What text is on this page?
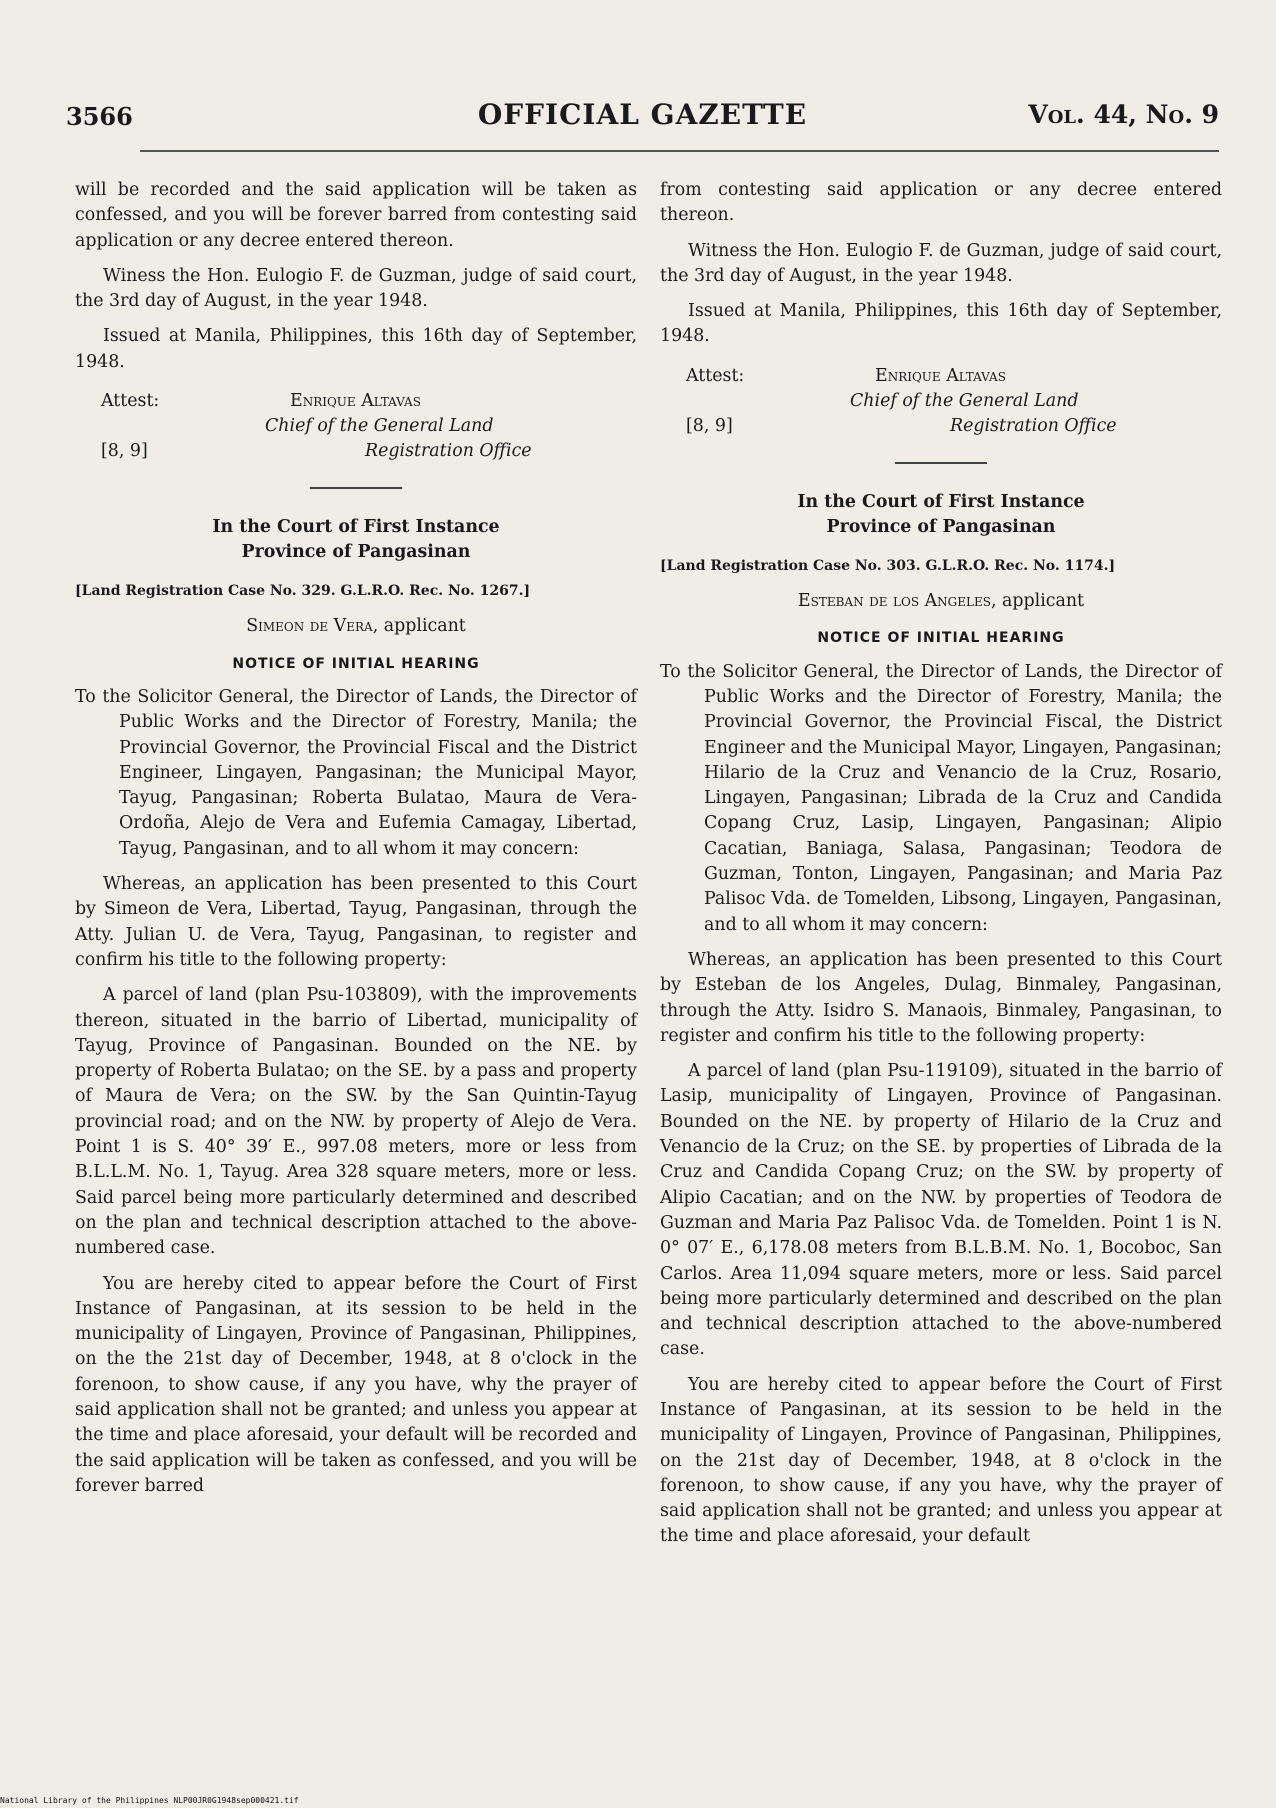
3566	OFFICIAL GAZETTE	Vol. 44, No. 9

will be recorded and the said application will be taken as confessed, and you will be forever barred from contesting said application or any decree entered thereon.

Winess the Hon. Eulogio F. de Guzman, judge of said court, the 3rd day of August, in the year 1948.

Issued at Manila, Philippines, this 16th day of September, 1948.

Attest:	Enrique Altavas
Chief of the General Land
[8, 9]	Registration Office

In the Court of First Instance

Province of Pangasinan

[Land Registration Case No. 329. G.L.R.O. Rec. No. 1267.]

Simeon de Vera, applicant

NOTICE OF INITIAL HEARING

To the Solicitor General, the Director of Lands, the Director of Public Works and the Director of Forestry, Manila; the Provincial Governor, the Provincial Fiscal and the District Engineer, Lingayen, Pangasinan; the Municipal Mayor, Tayug, Pangasinan; Roberta Bulatao, Maura de Vera-Ordoña, Alejo de Vera and Eufemia Camagay, Libertad, Tayug, Pangasinan, and to all whom it may concern:

Whereas, an application has been presented to this Court by Simeon de Vera, Libertad, Tayug, Pangasinan, through the Atty. Julian U. de Vera, Tayug, Pangasinan, to register and confirm his title to the following property:

A parcel of land (plan Psu-103809), with the improvements thereon, situated in the barrio of Libertad, municipality of Tayug, Province of Pangasinan. Bounded on the NE. by property of Roberta Bulatao; on the SE. by a pass and property of Maura de Vera; on the SW. by the San Quintin-Tayug provincial road; and on the NW. by property of Alejo de Vera. Point 1 is S. 40° 39′ E., 997.08 meters, more or less from B.L.L.M. No. 1, Tayug. Area 328 square meters, more or less. Said parcel being more particularly determined and described on the plan and technical description attached to the above-numbered case.

You are hereby cited to appear before the Court of First Instance of Pangasinan, at its session to be held in the municipality of Lingayen, Province of Pangasinan, Philippines, on the the 21st day of December, 1948, at 8 o'clock in the forenoon, to show cause, if any you have, why the prayer of said application shall not be granted; and unless you appear at the time and place aforesaid, your default will be recorded and the said application will be taken as confessed, and you will be forever barred

from contesting said application or any decree entered thereon.

Witness the Hon. Eulogio F. de Guzman, judge of said court, the 3rd day of August, in the year 1948.

Issued at Manila, Philippines, this 16th day of September, 1948.

Attest:	Enrique Altavas
Chief of the General Land
[8, 9]	Registration Office

In the Court of First Instance

Province of Pangasinan

[Land Registration Case No. 303. G.L.R.O. Rec. No. 1174.]

Esteban de los Angeles, applicant

NOTICE OF INITIAL HEARING

To the Solicitor General, the Director of Lands, the Director of Public Works and the Director of Forestry, Manila; the Provincial Governor, the Provincial Fiscal, the District Engineer and the Municipal Mayor, Lingayen, Pangasinan; Hilario de la Cruz and Venancio de la Cruz, Rosario, Lingayen, Pangasinan; Librada de la Cruz and Candida Copang Cruz, Lasip, Lingayen, Pangasinan; Alipio Cacatian, Baniaga, Salasa, Pangasinan; Teodora de Guzman, Tonton, Lingayen, Pangasinan; and Maria Paz Palisoc Vda. de Tomelden, Libsong, Lingayen, Pangasinan, and to all whom it may concern:

Whereas, an application has been presented to this Court by Esteban de los Angeles, Dulag, Binmaley, Pangasinan, through the Atty. Isidro S. Manaois, Binmaley, Pangasinan, to register and confirm his title to the following property:

A parcel of land (plan Psu-119109), situated in the barrio of Lasip, municipality of Lingayen, Province of Pangasinan. Bounded on the NE. by property of Hilario de la Cruz and Venancio de la Cruz; on the SE. by properties of Librada de la Cruz and Candida Copang Cruz; on the SW. by property of Alipio Cacatian; and on the NW. by properties of Teodora de Guzman and Maria Paz Palisoc Vda. de Tomelden. Point 1 is N. 0° 07′ E., 6,178.08 meters from B.L.B.M. No. 1, Bocoboc, San Carlos. Area 11,094 square meters, more or less. Said parcel being more particularly determined and described on the plan and technical description attached to the above-numbered case.

You are hereby cited to appear before the Court of First Instance of Pangasinan, at its session to be held in the municipality of Lingayen, Province of Pangasinan, Philippines, on the 21st day of December, 1948, at 8 o'clock in the forenoon, to show cause, if any you have, why the prayer of said application shall not be granted; and unless you appear at the time and place aforesaid, your default

National Library of the Philippines NLP00JR0G1948sep000421.tif
